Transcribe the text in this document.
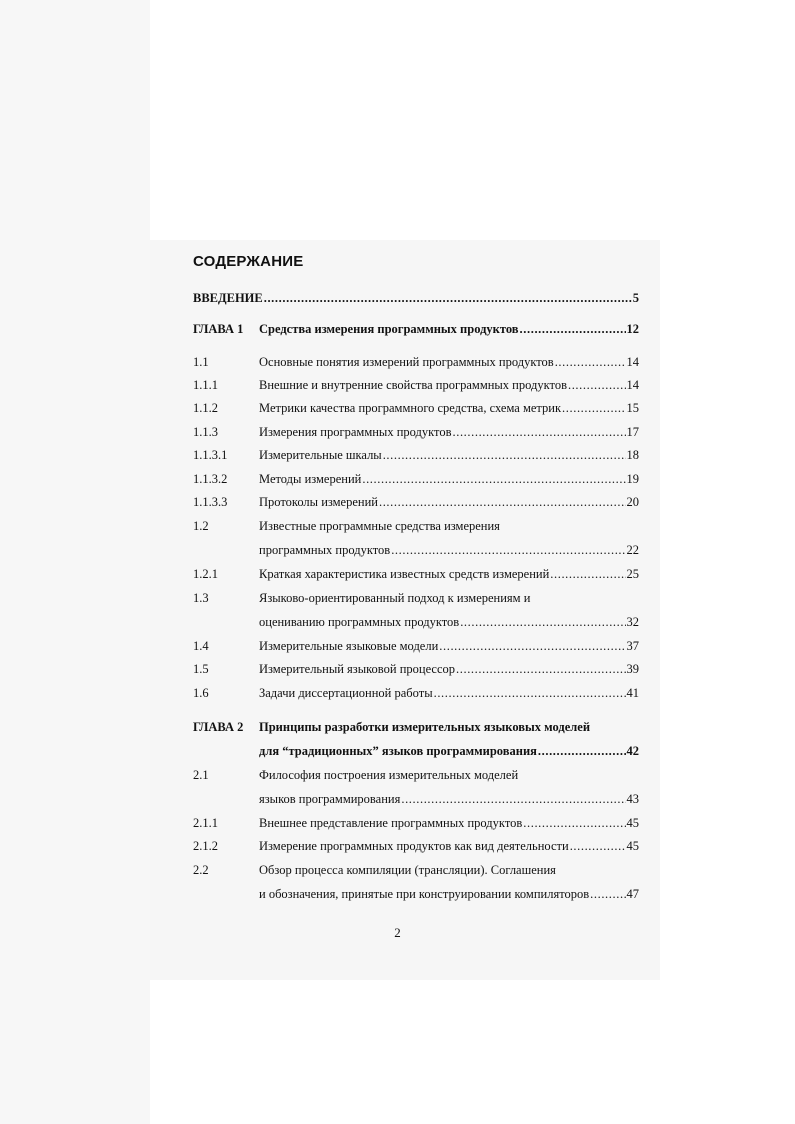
СОДЕРЖАНИЕ
ВВЕДЕНИЕ .....	5
ГЛАВА 1 Средства измерения программных продуктов .....	12
1.1	Основные понятия измерений программных продуктов .....	14
1.1.1	Внешние и внутренние свойства программных продуктов .....	14
1.1.2	Метрики качества программного средства, схема метрик .....	15
1.1.3	Измерения программных продуктов .....	17
1.1.3.1	Измерительные шкалы .....	18
1.1.3.2	Методы измерений .....	19
1.1.3.3	Протоколы измерений .....	20
1.2	Известные программные средства измерения
программных продуктов .....	22
1.2.1	Краткая характеристика известных средств измерений .....	25
1.3	Языково-ориентированный подход к измерениям и
оцениванию программных продуктов .....	32
1.4	Измерительные языковые модели .....	37
1.5	Измерительный языковой процессор .....	39
1.6	Задачи диссертационной работы .....	41
ГЛАВА 2 Принципы разработки измерительных языковых моделей
для “традиционных” языков программирования .....	42
2.1	Философия построения измерительных моделей
языков программирования .....	43
2.1.1	Внешнее представление программных продуктов .....	45
2.1.2	Измерение программных продуктов как вид деятельности .....	45
2.2	Обзор процесса компиляции (трансляции). Соглашения
и обозначения, принятые при конструировании компиляторов .....	47
2
